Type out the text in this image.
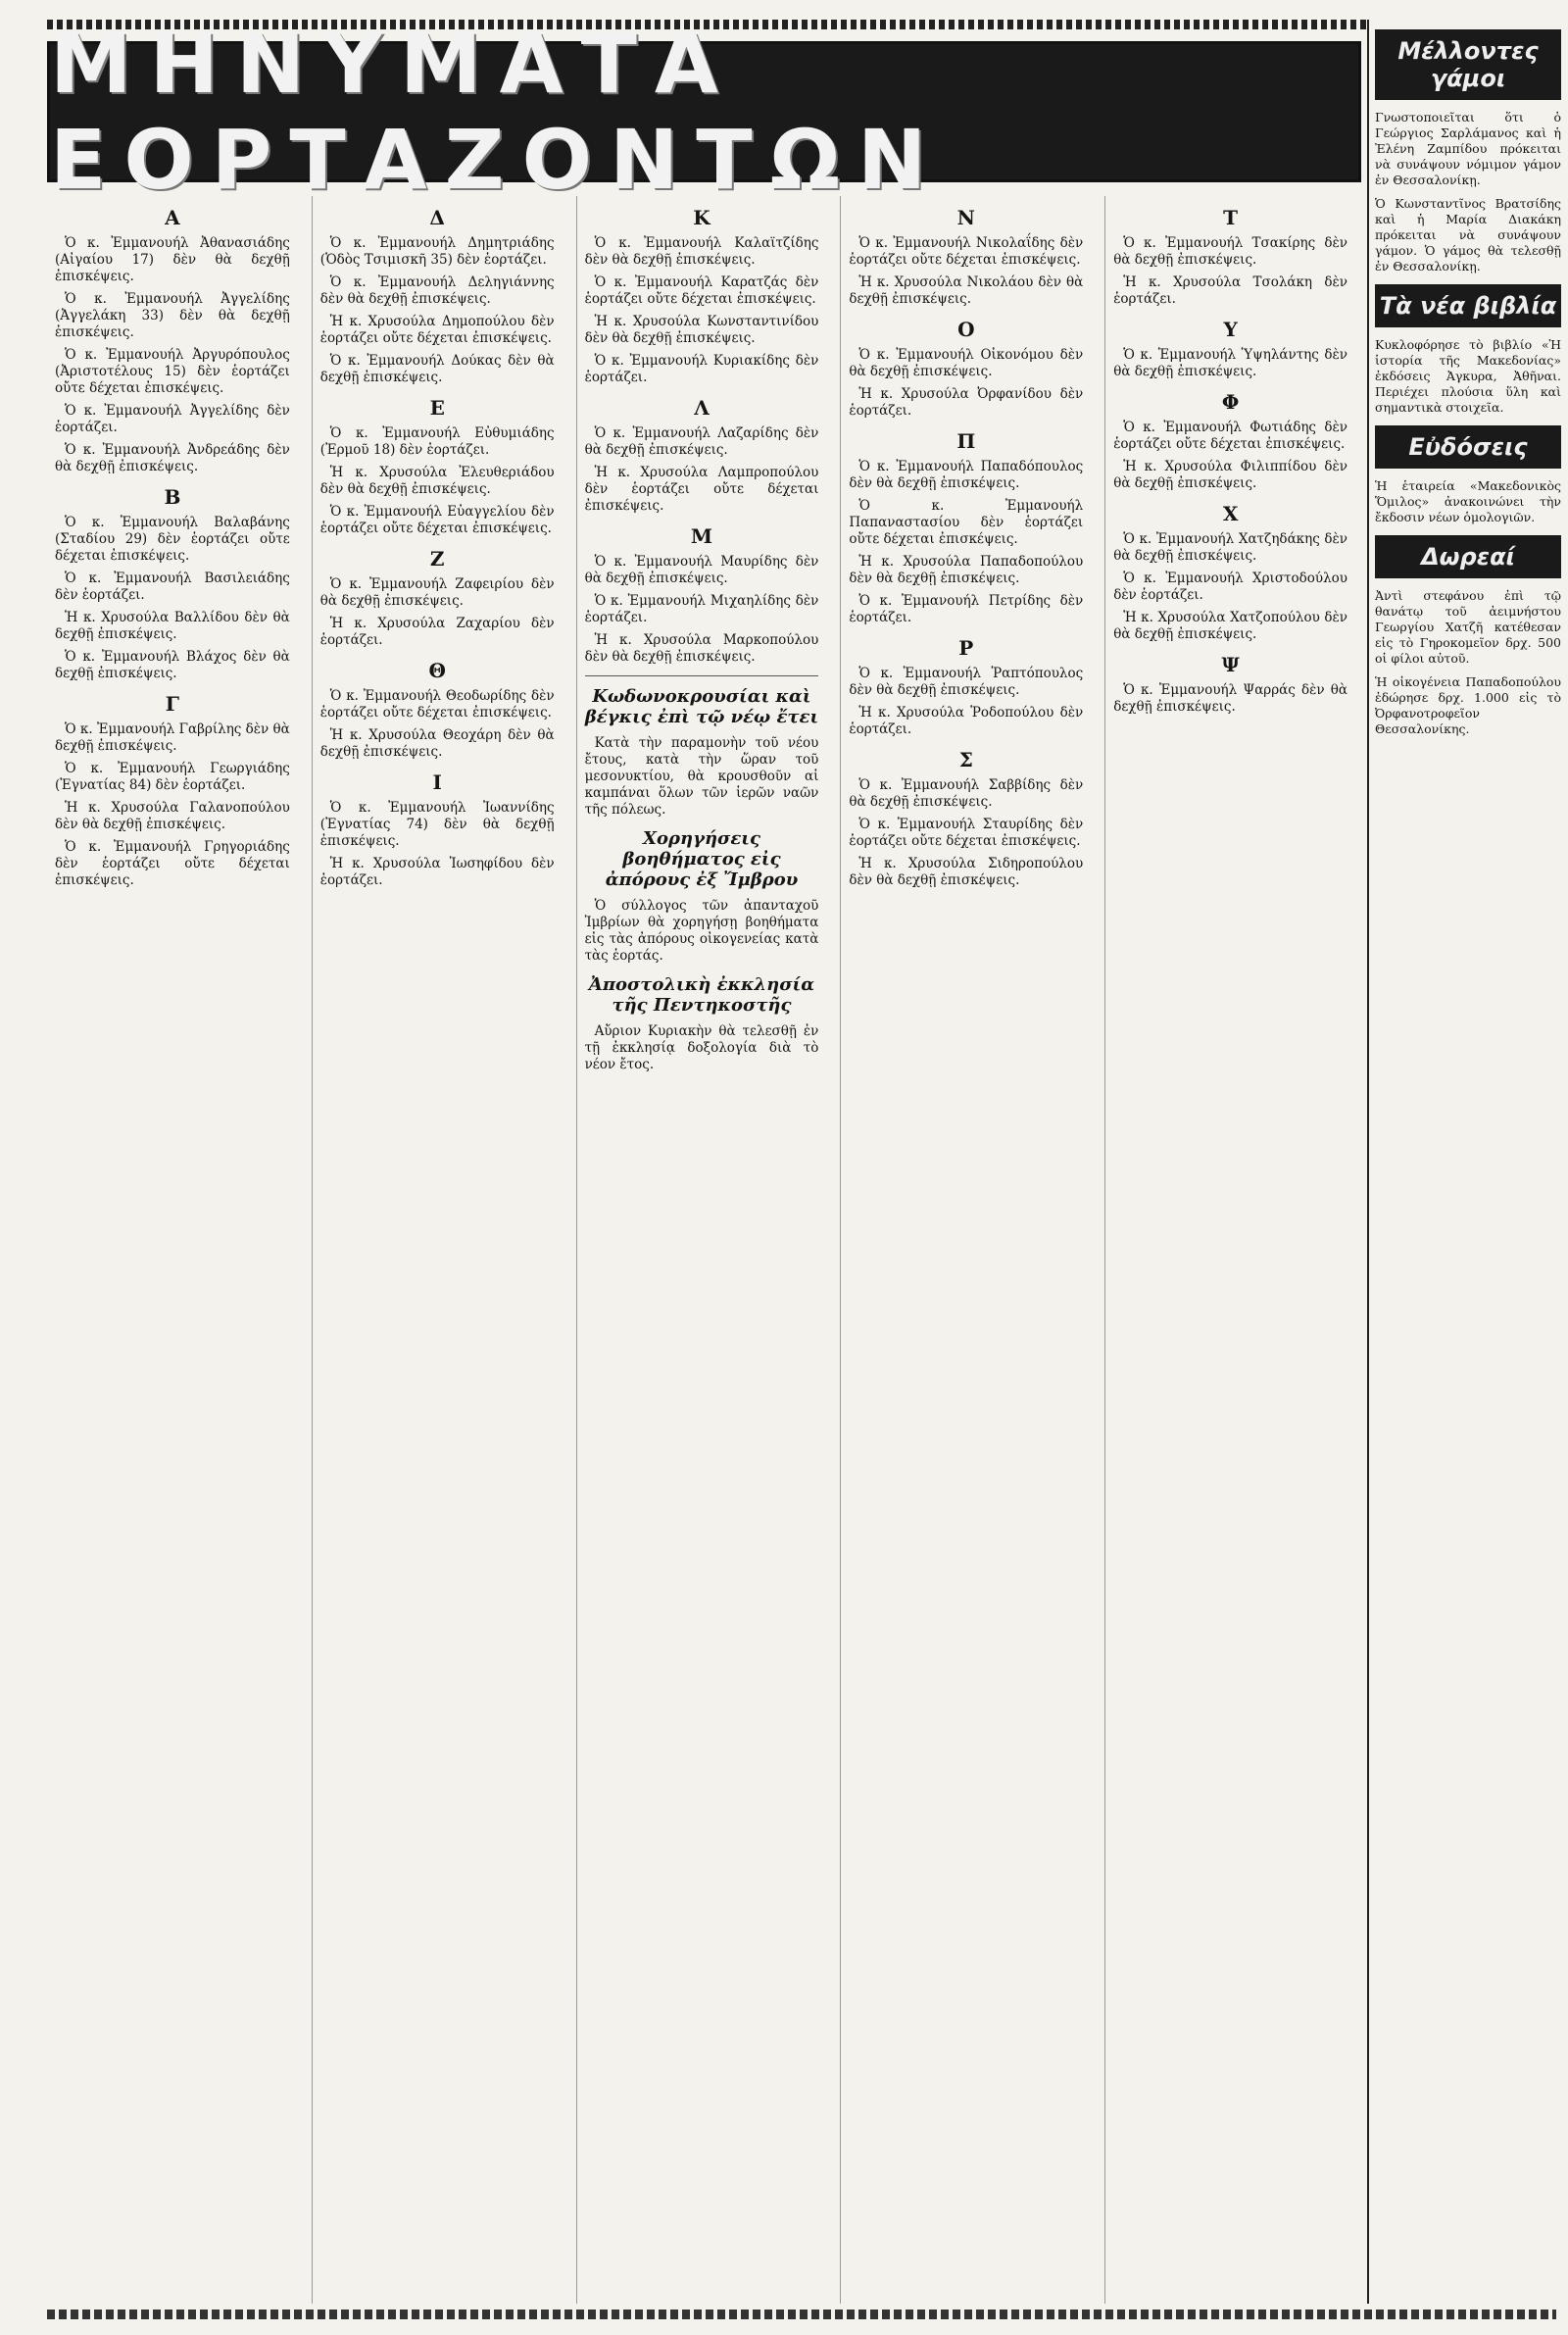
ΜΗΝΥΜΑΤΑ ΕΟΡΤΑΖΟΝΤΩΝ
Α

Ὁ κ. Ἐμμανουήλ Ἀθανασιάδης (Αἰγαίου 17) δὲν θὰ δεχθῇ ἐπισκέψεις.

Ὁ κ. Ἐμμανουήλ Ἀγγελίδης (Ἀγγελάκη 33) δὲν θὰ δεχθῇ ἐπισκέψεις.

Ὁ κ. Ἐμμανουήλ Ἀργυρόπουλος (Ἀριστοτέλους 15) δὲν ἑορτάζει οὔτε δέχεται ἐπισκέψεις.

Ὁ κ. Ἐμμανουήλ Ἀγγελίδης δὲν ἑορτάζει.

Ὁ κ. Ἐμμανουήλ Ἀνδρεάδης δὲν θὰ δεχθῇ ἐπισκέψεις.

Β

Ὁ κ. Ἐμμανουήλ Βαλαβάνης (Σταδίου 29) δὲν ἑορτάζει οὔτε δέχεται ἐπισκέψεις.

Ὁ κ. Ἐμμανουήλ Βασιλειάδης δὲν ἑορτάζει.

Ἡ κ. Χρυσούλα Βαλλίδου δὲν θὰ δεχθῇ ἐπισκέψεις.

Ὁ κ. Ἐμμανουήλ Βλάχος δὲν θὰ δεχθῇ ἐπισκέψεις.

Γ

Ὁ κ. Ἐμμανουήλ Γαβρίλης δὲν θὰ δεχθῇ ἐπισκέψεις.

Ὁ κ. Ἐμμανουήλ Γεωργιάδης (Ἐγνατίας 84) δὲν ἑορτάζει.

Ἡ κ. Χρυσούλα Γαλανοπούλου δὲν θὰ δεχθῇ ἐπισκέψεις.

Ὁ κ. Ἐμμανουήλ Γρηγοριάδης δὲν ἑορτάζει οὔτε δέχεται ἐπισκέψεις.

Δ

Ὁ κ. Ἐμμανουήλ Δημητριάδης (Ὁδὸς Τσιμισκῆ 35) δὲν ἑορτάζει.

Ὁ κ. Ἐμμανουήλ Δεληγιάννης δὲν θὰ δεχθῇ ἐπισκέψεις.

Ἡ κ. Χρυσούλα Δημοπούλου δὲν ἑορτάζει οὔτε δέχεται ἐπισκέψεις.

Ὁ κ. Ἐμμανουήλ Δούκας δὲν θὰ δεχθῇ ἐπισκέψεις.

Ε

Ὁ κ. Ἐμμανουήλ Εὐθυμιάδης (Ἐρμοῦ 18) δὲν ἑορτάζει.

Ἡ κ. Χρυσούλα Ἐλευθεριάδου δὲν θὰ δεχθῇ ἐπισκέψεις.

Ὁ κ. Ἐμμανουήλ Εὐαγγελίου δὲν ἑορτάζει οὔτε δέχεται ἐπισκέψεις.

Ζ

Ὁ κ. Ἐμμανουήλ Ζαφειρίου δὲν θὰ δεχθῇ ἐπισκέψεις.

Ἡ κ. Χρυσούλα Ζαχαρίου δὲν ἑορτάζει.

Θ

Ὁ κ. Ἐμμανουήλ Θεοδωρίδης δὲν ἑορτάζει οὔτε δέχεται ἐπισκέψεις.

Ἡ κ. Χρυσούλα Θεοχάρη δὲν θὰ δεχθῇ ἐπισκέψεις.

Ι

Ὁ κ. Ἐμμανουήλ Ἰωαννίδης (Ἐγνατίας 74) δὲν θὰ δεχθῇ ἐπισκέψεις.

Ἡ κ. Χρυσούλα Ἰωσηφίδου δὲν ἑορτάζει.

Κ

Ὁ κ. Ἐμμανουήλ Καλαϊτζίδης δὲν θὰ δεχθῇ ἐπισκέψεις.

Ὁ κ. Ἐμμανουήλ Καρατζάς δὲν ἑορτάζει οὔτε δέχεται ἐπισκέψεις.

Ἡ κ. Χρυσούλα Κωνσταντινίδου δὲν θὰ δεχθῇ ἐπισκέψεις.

Ὁ κ. Ἐμμανουήλ Κυριακίδης δὲν ἑορτάζει.

Λ

Ὁ κ. Ἐμμανουήλ Λαζαρίδης δὲν θὰ δεχθῇ ἐπισκέψεις.

Ἡ κ. Χρυσούλα Λαμπροπούλου δὲν ἑορτάζει οὔτε δέχεται ἐπισκέψεις.

Μ

Ὁ κ. Ἐμμανουήλ Μαυρίδης δὲν θὰ δεχθῇ ἐπισκέψεις.

Ὁ κ. Ἐμμανουήλ Μιχαηλίδης δὲν ἑορτάζει.

Ἡ κ. Χρυσούλα Μαρκοπούλου δὲν θὰ δεχθῇ ἐπισκέψεις.

Κωδωνοκρουσίαι καὶ βέγκις ἐπὶ τῷ νέῳ ἔτει

Κατὰ τὴν παραμονὴν τοῦ νέου ἔτους, κατὰ τὴν ὥραν τοῦ μεσονυκτίου, θὰ κρουσθοῦν αἱ καμπάναι ὅλων τῶν ἱερῶν ναῶν τῆς πόλεως.

Χορηγήσεις βοηθήματος εἰς ἀπόρους ἐξ Ἴμβρου

Ὁ σύλλογος τῶν ἀπανταχοῦ Ἰμβρίων θὰ χορηγήσῃ βοηθήματα εἰς τὰς ἀπόρους οἰκογενείας κατὰ τὰς ἑορτάς.

Ἀποστολικὴ ἐκκλησία τῆς Πεντηκοστῆς

Αὔριον Κυριακὴν θὰ τελεσθῇ ἐν τῇ ἐκκλησίᾳ δοξολογία διὰ τὸ νέον ἔτος.

Ν

Ὁ κ. Ἐμμανουήλ Νικολαΐδης δὲν ἑορτάζει οὔτε δέχεται ἐπισκέψεις.

Ἡ κ. Χρυσούλα Νικολάου δὲν θὰ δεχθῇ ἐπισκέψεις.

Ο

Ὁ κ. Ἐμμανουήλ Οἰκονόμου δὲν θὰ δεχθῇ ἐπισκέψεις.

Ἡ κ. Χρυσούλα Ὀρφανίδου δὲν ἑορτάζει.

Π

Ὁ κ. Ἐμμανουήλ Παπαδόπουλος δὲν θὰ δεχθῇ ἐπισκέψεις.

Ὁ κ. Ἐμμανουήλ Παπαναστασίου δὲν ἑορτάζει οὔτε δέχεται ἐπισκέψεις.

Ἡ κ. Χρυσούλα Παπαδοπούλου δὲν θὰ δεχθῇ ἐπισκέψεις.

Ὁ κ. Ἐμμανουήλ Πετρίδης δὲν ἑορτάζει.

Ρ

Ὁ κ. Ἐμμανουήλ Ῥαπτόπουλος δὲν θὰ δεχθῇ ἐπισκέψεις.

Ἡ κ. Χρυσούλα Ῥοδοπούλου δὲν ἑορτάζει.

Σ

Ὁ κ. Ἐμμανουήλ Σαββίδης δὲν θὰ δεχθῇ ἐπισκέψεις.

Ὁ κ. Ἐμμανουήλ Σταυρίδης δὲν ἑορτάζει οὔτε δέχεται ἐπισκέψεις.

Ἡ κ. Χρυσούλα Σιδηροπούλου δὲν θὰ δεχθῇ ἐπισκέψεις.

Τ

Ὁ κ. Ἐμμανουήλ Τσακίρης δὲν θὰ δεχθῇ ἐπισκέψεις.

Ἡ κ. Χρυσούλα Τσολάκη δὲν ἑορτάζει.

Υ

Ὁ κ. Ἐμμανουήλ Ὑψηλάντης δὲν θὰ δεχθῇ ἐπισκέψεις.

Φ

Ὁ κ. Ἐμμανουήλ Φωτιάδης δὲν ἑορτάζει οὔτε δέχεται ἐπισκέψεις.

Ἡ κ. Χρυσούλα Φιλιππίδου δὲν θὰ δεχθῇ ἐπισκέψεις.

Χ

Ὁ κ. Ἐμμανουήλ Χατζηδάκης δὲν θὰ δεχθῇ ἐπισκέψεις.

Ὁ κ. Ἐμμανουήλ Χριστοδούλου δὲν ἑορτάζει.

Ἡ κ. Χρυσούλα Χατζοπούλου δὲν θὰ δεχθῇ ἐπισκέψεις.

Ψ

Ὁ κ. Ἐμμανουήλ Ψαρράς δὲν θὰ δεχθῇ ἐπισκέψεις.

Μέλλοντες γάμοι

Γνωστοποιεῖται ὅτι ὁ Γεώργιος Σαρλάμανος καὶ ἡ Ἐλένη Ζαμπίδου πρόκειται νὰ συνάψουν νόμιμον γάμον ἐν Θεσσαλονίκῃ.

Ὁ Κωνσταντῖνος Βρατσίδης καὶ ἡ Μαρία Διακάκη πρόκειται νὰ συνάψουν γάμον. Ὁ γάμος θὰ τελεσθῇ ἐν Θεσσαλονίκῃ.

Τὰ νέα βιβλία

Κυκλοφόρησε τὸ βιβλίο «Ἡ ἱστορία τῆς Μακεδονίας» ἐκδόσεις Ἀγκυρα, Ἀθῆναι. Περιέχει πλούσια ὕλη καὶ σημαντικὰ στοιχεῖα.

Εὐδόσεις

Ἡ ἑταιρεία «Μακεδονικὸς Ὅμιλος» ἀνακοινώνει τὴν ἔκδοσιν νέων ὁμολογιῶν.

Δωρεαί

Ἀντὶ στεφάνου ἐπὶ τῷ θανάτῳ τοῦ ἀειμνήστου Γεωργίου Χατζῆ κατέθεσαν εἰς τὸ Γηροκομεῖον δρχ. 500 οἱ φίλοι αὐτοῦ.

Ἡ οἰκογένεια Παπαδοπούλου ἐδώρησε δρχ. 1.000 εἰς τὸ Ὀρφανοτροφεῖον Θεσσαλονίκης.
